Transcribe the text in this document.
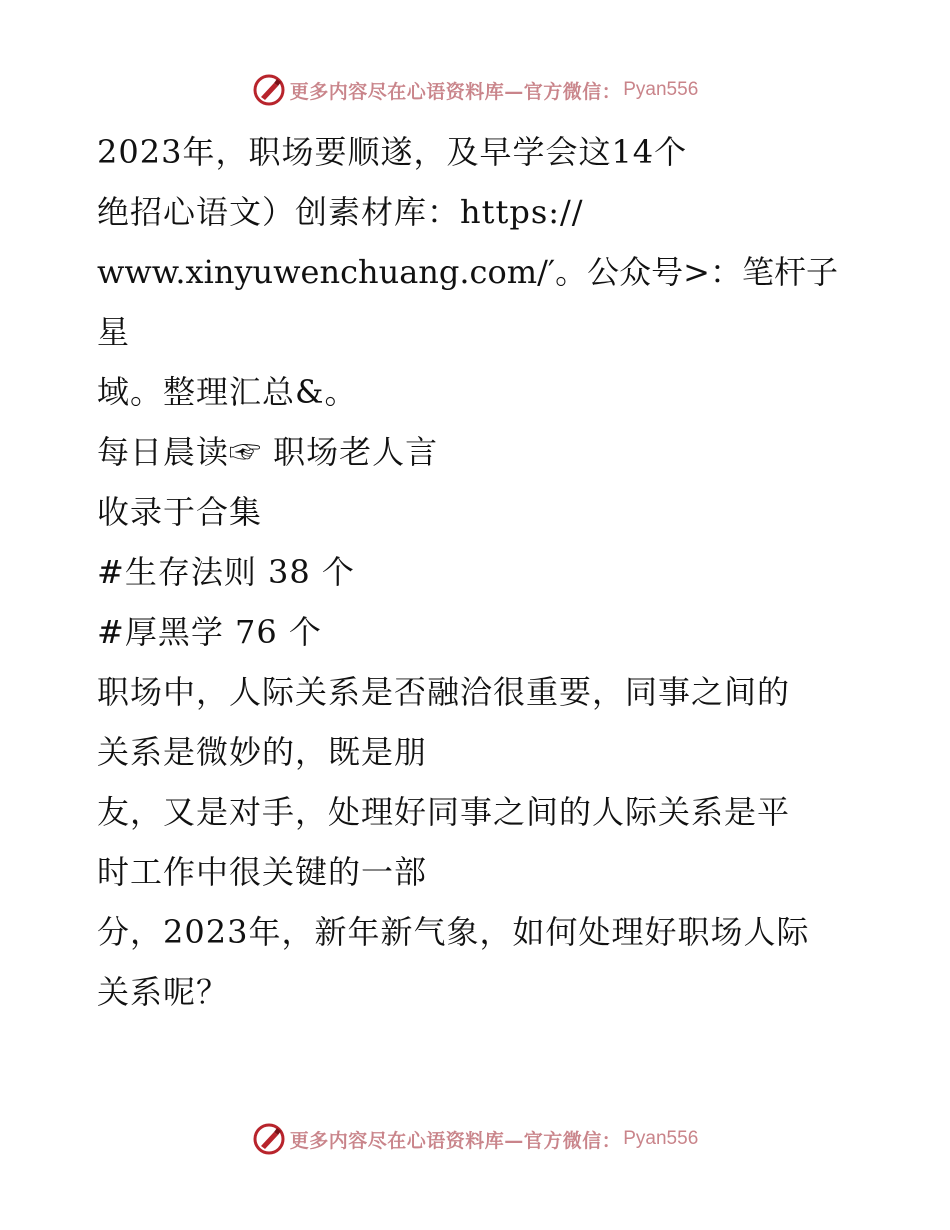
更多内容尽在心语资料库—官方微信： Pyan556

2023年，职场要顺遂，及早学会这14个

绝招心语文）创素材库：https://

www.xinyuwenchuang.com/′。公众号>：笔杆子星

域。整理汇总&。

每日晨读☞ 职场老人言

收录于合集

#生存法则 38 个

#厚黑学 76 个

职场中，人际关系是否融洽很重要，同事之间的

关系是微妙的，既是朋

友，又是对手，处理好同事之间的人际关系是平

时工作中很关键的一部

分，2023年，新年新气象，如何处理好职场人际

关系呢？

更多内容尽在心语资料库—官方微信： Pyan556
